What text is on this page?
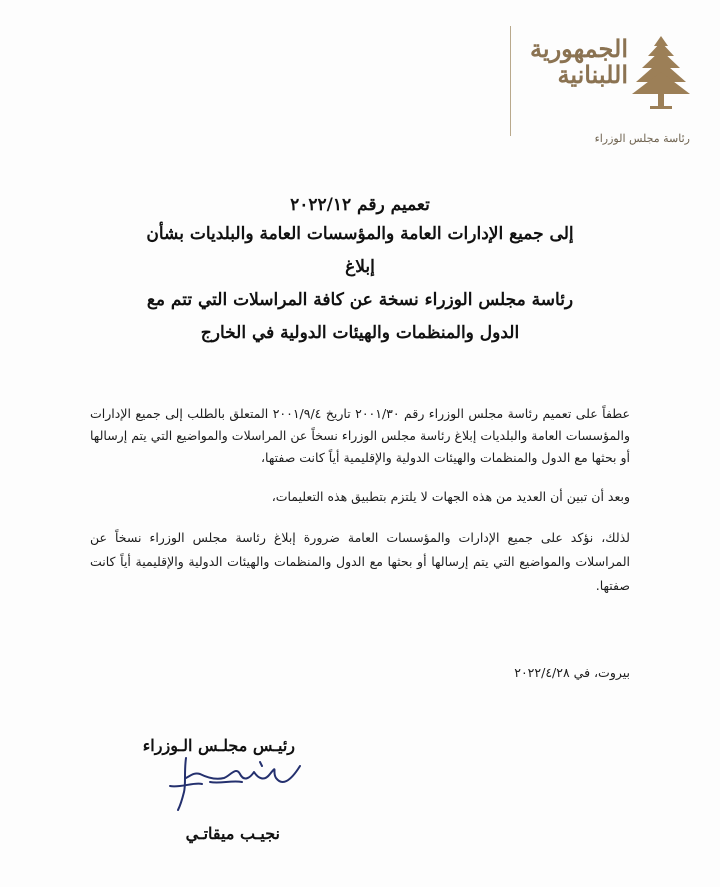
الجمهورية اللبنانية
رئاسة مجلس الوزراء
تعميم رقم ٢٠٢٢/١٢
إلى جميع الإدارات العامة والمؤسسات العامة والبلديات بشأن إبلاغ
رئاسة مجلس الوزراء نسخة عن كافة المراسلات التي تتم مع
الدول والمنظمات والهيئات الدولية في الخارج

عطفاً على تعميم رئاسة مجلس الوزراء رقم ٢٠٠١/٣٠ تاريخ ٢٠٠١/٩/٤ المتعلق بالطلب إلى جميع الإدارات والمؤسسات العامة والبلديات إبلاغ رئاسة مجلس الوزراء نسخاً عن المراسلات والمواضيع التي يتم إرسالها أو بحثها مع الدول والمنظمات والهيئات الدولية والإقليمية أياً كانت صفتها،

وبعد أن تبين أن العديد من هذه الجهات لا يلتزم بتطبيق هذه التعليمات،

لذلك، نؤكد على جميع الإدارات والمؤسسات العامة ضرورة إبلاغ رئاسة مجلس الوزراء نسخاً عن المراسلات والمواضيع التي يتم إرسالها أو بحثها مع الدول والمنظمات والهيئات الدولية والإقليمية أياً كانت صفتها.

بيروت، في ٢٠٢٢/٤/٢٨
رئيـس مجلـس الـوزراء
نجيـب ميقاتـي
